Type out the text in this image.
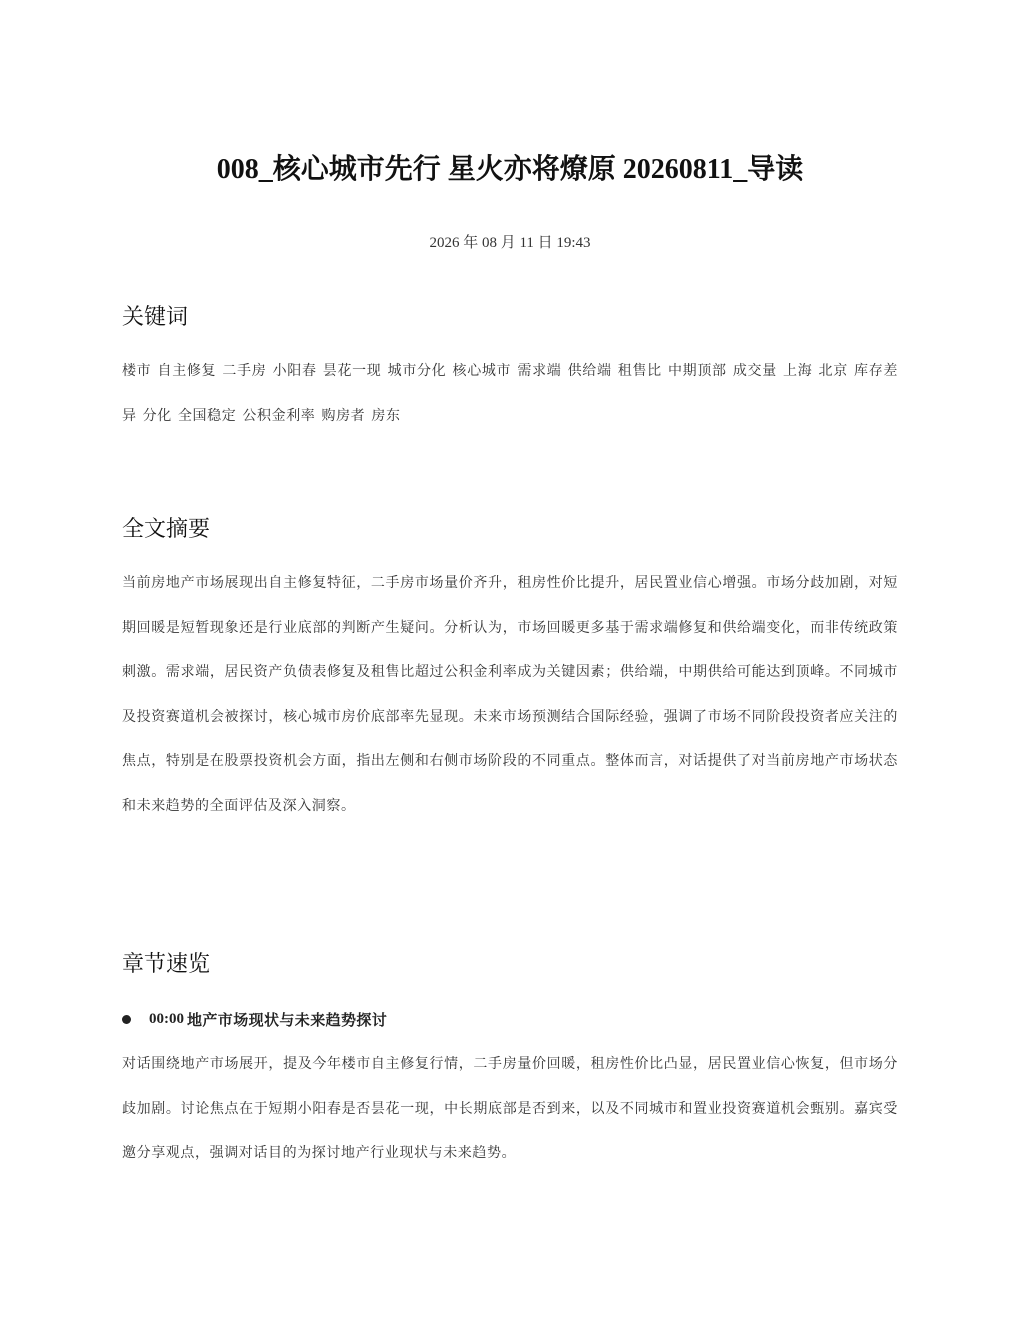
008_核心城市先行 星火亦将燎原 20260811_导读
2026 年 08 月 11 日 19:43
关键词
楼市 自主修复 二手房 小阳春 昙花一现 城市分化 核心城市 需求端 供给端 租售比 中期顶部 成交量 上海 北京 库存差异 分化 全国稳定 公积金利率 购房者 房东
全文摘要

当前房地产市场展现出自主修复特征，二手房市场量价齐升，租房性价比提升，居民置业信心增强。市场分歧加剧，对短期回暖是短暂现象还是行业底部的判断产生疑问。分析认为，市场回暖更多基于需求端修复和供给端变化，而非传统政策刺激。需求端，居民资产负债表修复及租售比超过公积金利率成为关键因素；供给端，中期供给可能达到顶峰。不同城市及投资赛道机会被探讨，核心城市房价底部率先显现。未来市场预测结合国际经验，强调了市场不同阶段投资者应关注的焦点，特别是在股票投资机会方面，指出左侧和右侧市场阶段的不同重点。整体而言，对话提供了对当前房地产市场状态和未来趋势的全面评估及深入洞察。

章节速览
00:00 地产市场现状与未来趋势探讨

对话围绕地产市场展开，提及今年楼市自主修复行情，二手房量价回暖，租房性价比凸显，居民置业信心恢复，但市场分歧加剧。讨论焦点在于短期小阳春是否昙花一现，中长期底部是否到来，以及不同城市和置业投资赛道机会甄别。嘉宾受邀分享观点，强调对话目的为探讨地产行业现状与未来趋势。
